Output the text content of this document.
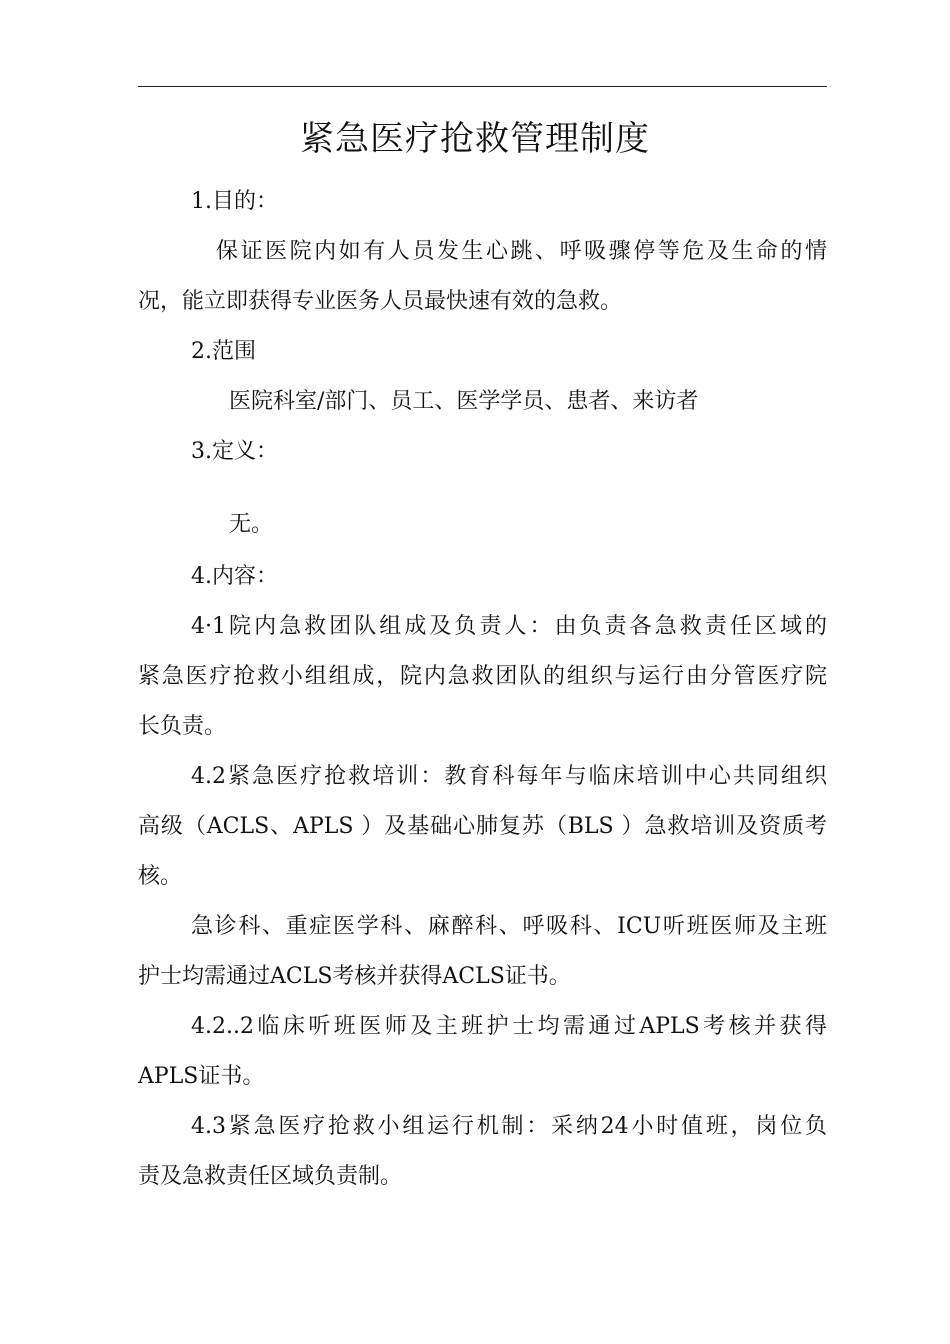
紧急医疗抢救管理制度
1.目的：
保证医院内如有人员发生心跳、呼吸骤停等危及生命的情
况，能立即获得专业医务人员最快速有效的急救。
2.范围
医院科室/部门、员工、医学学员、患者、来访者
3.定义：
无。
4.内容：
4·1院内急救团队组成及负责人：由负责各急救责任区域的
紧急医疗抢救小组组成，院内急救团队的组织与运行由分管医疗院
长负责。
4.2紧急医疗抢救培训：教育科每年与临床培训中心共同组织
高级（ACLS、APLS ）及基础心肺复苏（BLS ）急救培训及资质考
核。
急诊科、重症医学科、麻醉科、呼吸科、ICU听班医师及主班
护士均需通过ACLS考核并获得ACLS证书。
4.2..2临床听班医师及主班护士均需通过APLS考核并获得
APLS证书。
4.3紧急医疗抢救小组运行机制：采纳24小时值班，岗位负
责及急救责任区域负责制。
